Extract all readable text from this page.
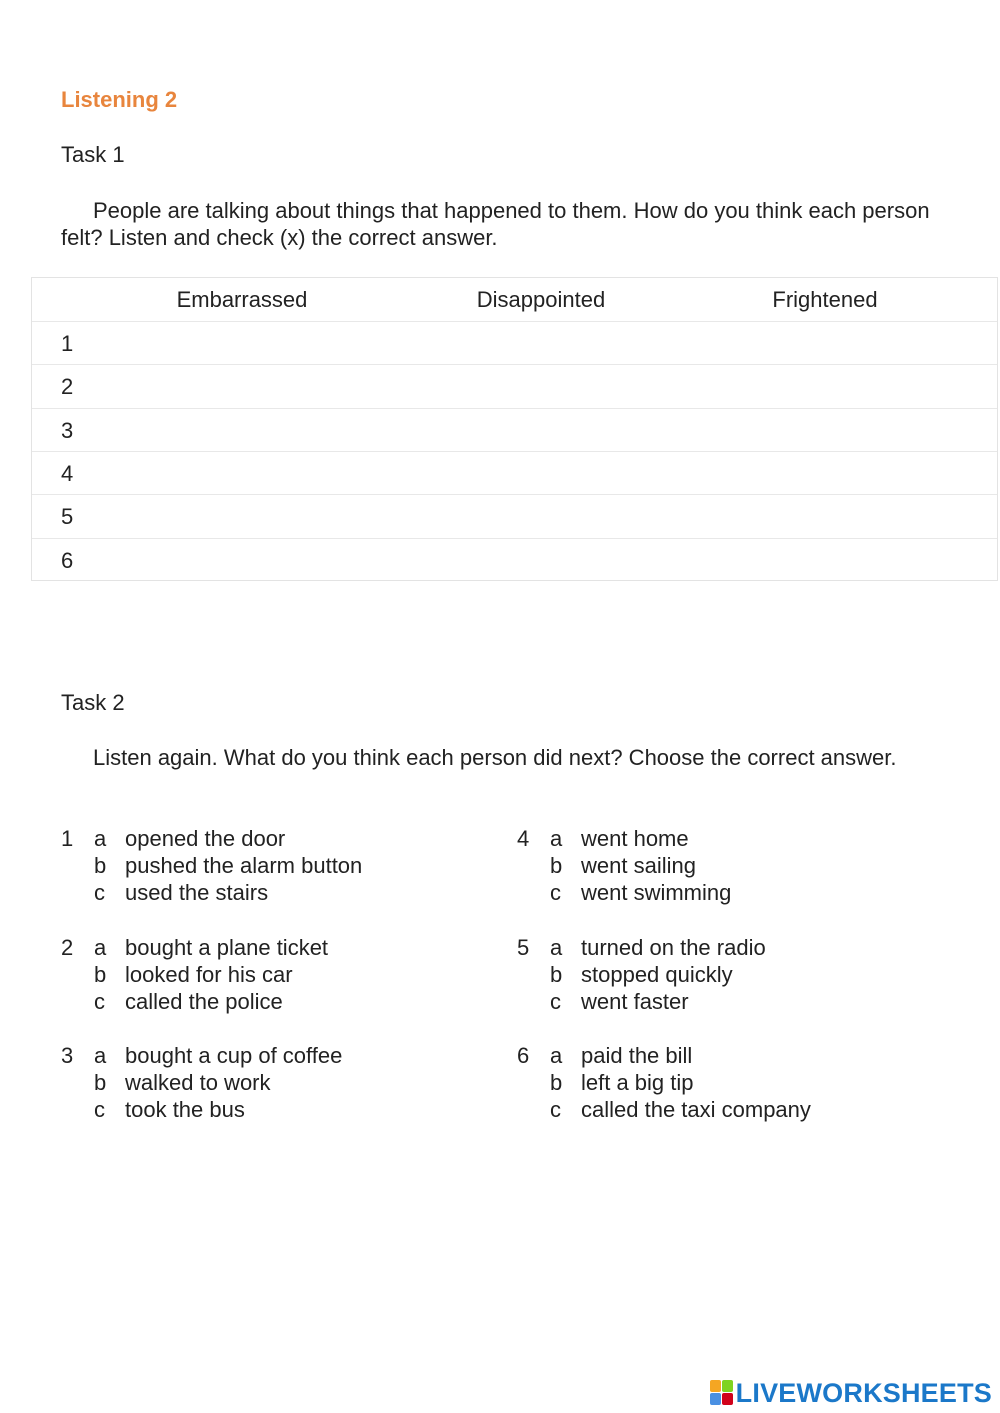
Listening 2
Task 1
People are talking about things that happened to them. How do you think each person felt? Listen and check (x) the correct answer.
Embarrassed	Disappointed	Frightened
1
2
3
4
5
6
Task 2
Listen again. What do you think each person did next? Choose the correct answer.
1 a opened the door
b pushed the alarm button
c used the stairs
2 a bought a plane ticket
b looked for his car
c called the police
3 a bought a cup of coffee
b walked to work
c took the bus
4 a went home
b went sailing
c went swimming
5 a turned on the radio
b stopped quickly
c went faster
6 a paid the bill
b left a big tip
c called the taxi company
LIVEWORKSHEETS
